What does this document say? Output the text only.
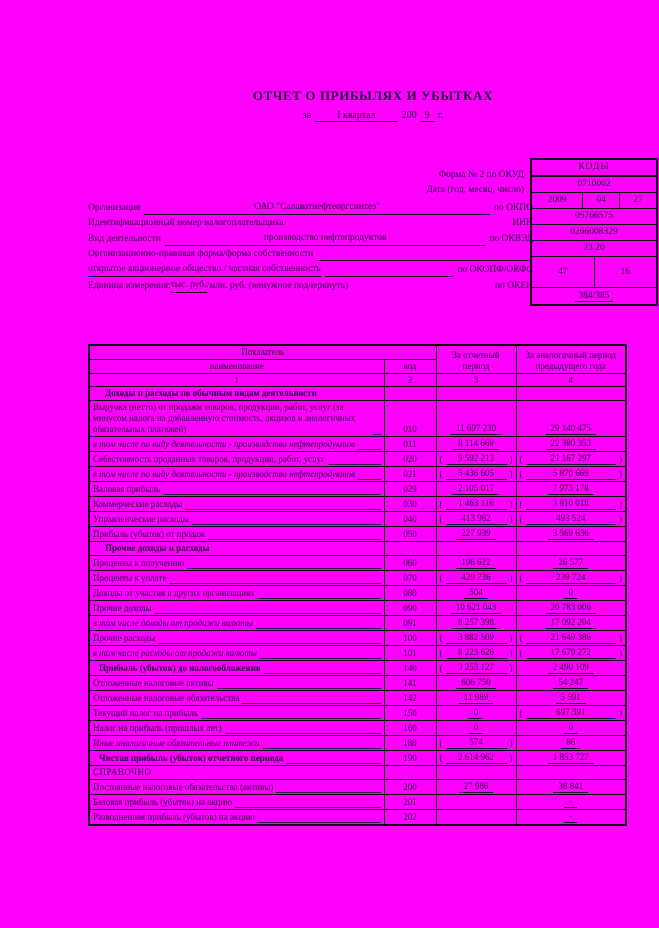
ОТЧЕТ О ПРИБЫЛЯХ И УБЫТКАХ
за	I квартал	200 9 г.
Форма № 2 по ОКУД
Дата (год, месяц, число)
КОДЫ
0710002
2009	04	27
05766575
0266008329
23.20
47	16
384/385
Организация	ОАО "Салаватнефтеоргсинтез"	по ОКПО
Идентификационный номер налогоплательщика	ИНН
Вид деятельности	производство нефтепродуктов	по ОКВЭД
Организационно-правовая форма/форма собственности
открытое акционерное общество / частная собственность	по ОКОПФ/ОКФС
Единица измерения: тыс. руб. /млн. руб. (ненужное подчеркнуть)	по ОКЕИ
Показатель		За отчетный период	За аналогичный период предыдущего года
наименование	код		
1	2	3	4

Доходы и расходы по обычным видам деятельности			

Выручка (нетто) от продажи товаров, продукции, работ, услуг (за минусом налога на добавленную стоимость, акцизов и аналогичных обязательных платежей)	010	11 697 230	29 140 475

в том числе по виду деятельности - производство нефтепродуктов	011	8 114 669	22 380 353

Себестоимость проданных товаров, продукции, работ, услуг	020	( 9 592 213 )	( 21 167 297 )

в том числе по виду деятельности - производство нефтепродуктов	021	( 5 436 605 )	( 5 870 669 )

Валовая прибыль	029	2 105 017	7 973 178

Коммерческие расходы	030	( 1 463 116 )	( 3 910 018 )

Управленческие расходы	040	( 413 962 )	( 493 524 )

Прибыль (убыток) от продаж	050	227 939	3 569 636

Прочие доходы и расходы			

Проценты к получению	060	196 622	26 577

Проценты к уплате	070	( 429 736 )	( 239 724 )

Доходы от участия в других организациях	080	504	0

Прочие доходы	090	10 621 043	20 783 006

в том числе доходы от продажи валюты	091	8 257 398	17 092 204

Прочие расходы	100	( 3 882 509 )	( 21 649 386 )

в том числе расходы от продажи валюты	101	( 8 223 626 )	( 17 679 272 )

Прибыль (убыток) до налогообложения	140	( 3 253 127 )	2 490 109

Отложенные налоговые активы	141	606 750	54 247

Отложенные налоговые обязательства	142	11 989	5 591

Текущий налог на прибыль	150	0	( 697 391 )

Налог на прибыль (прошлых лет)	160	0	0

Иные аналогичные обязательные платежи	180	( 574 )	86

Чистая прибыль (убыток) отчетного периода	190	( 2 614 962 )	1 853 727

СПРАВОЧНО			

Постоянные налоговые обязательства (активы)	200	27 986	38 841

Базовая прибыль (убыток) на акцию	201		-

Разводненная прибыль (убыток) на акцию	202		-
